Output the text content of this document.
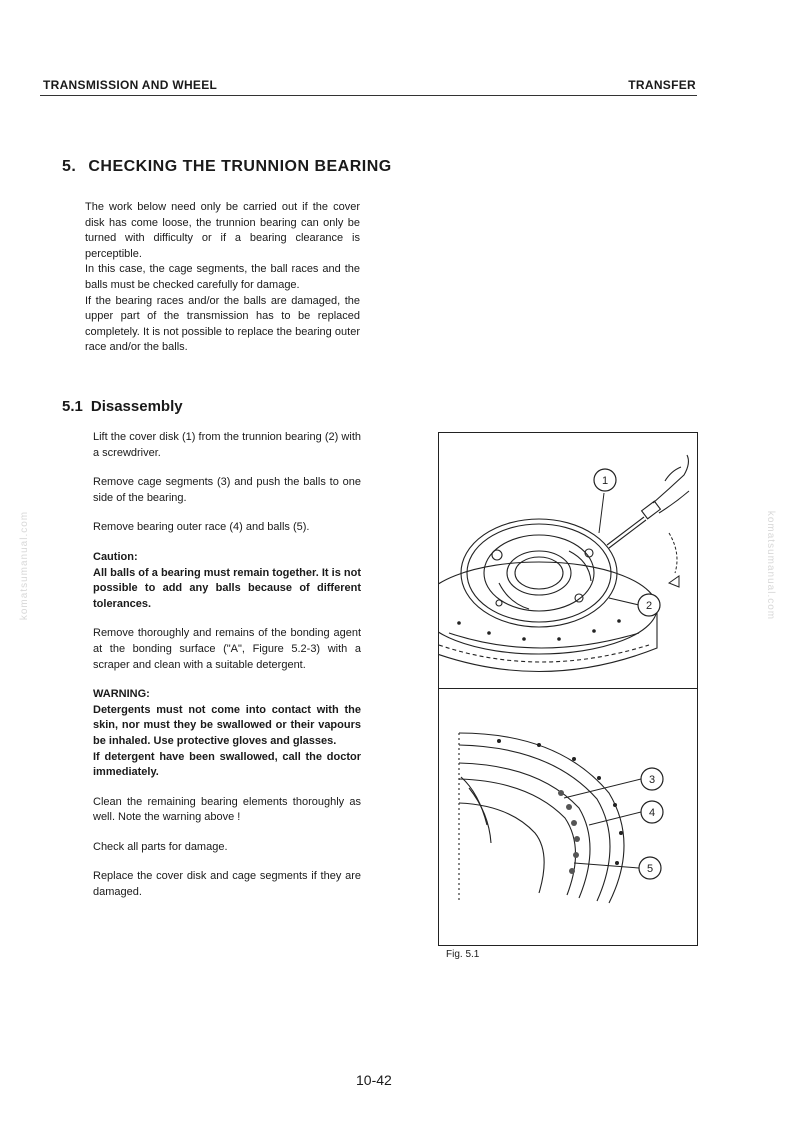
TRANSMISSION AND WHEEL	TRANSFER
komatsumanual.com	komatsumanual.com
5. CHECKING THE TRUNNION BEARING

The work below need only be carried out if the cover disk has come loose, the trunnion bearing can only be turned with difficulty or if a bearing clearance is perceptible.

In this case, the cage segments, the ball races and the balls must be checked carefully for damage.

If the bearing races and/or the balls are damaged, the upper part of the transmission has to be replaced completely. It is not possible to replace the bearing outer race and/or the balls.

5.1 Disassembly

Lift the cover disk (1) from the trunnion bearing (2) with a screwdriver.

Remove cage segments (3) and push the balls to one side of the bearing.

Remove bearing outer race (4) and balls (5).

Caution:

All balls of a bearing must remain together. It is not possible to add any balls because of different tolerances.

Remove thoroughly and remains of the bonding agent at the bonding surface ("A", Figure 5.2-3) with a scraper and clean with a suitable detergent.

WARNING:

Detergents must not come into contact with the skin, nor must they be swallowed or their vapours be inhaled. Use protective gloves and glasses.

If detergent have been swallowed, call the doctor immediately.

Clean the remaining bearing elements thoroughly as well. Note the warning above !

Check all parts for damage.

Replace the cover disk and cage segments if they are damaged.

1
2
3
4
5
Fig. 5.1
10-42
